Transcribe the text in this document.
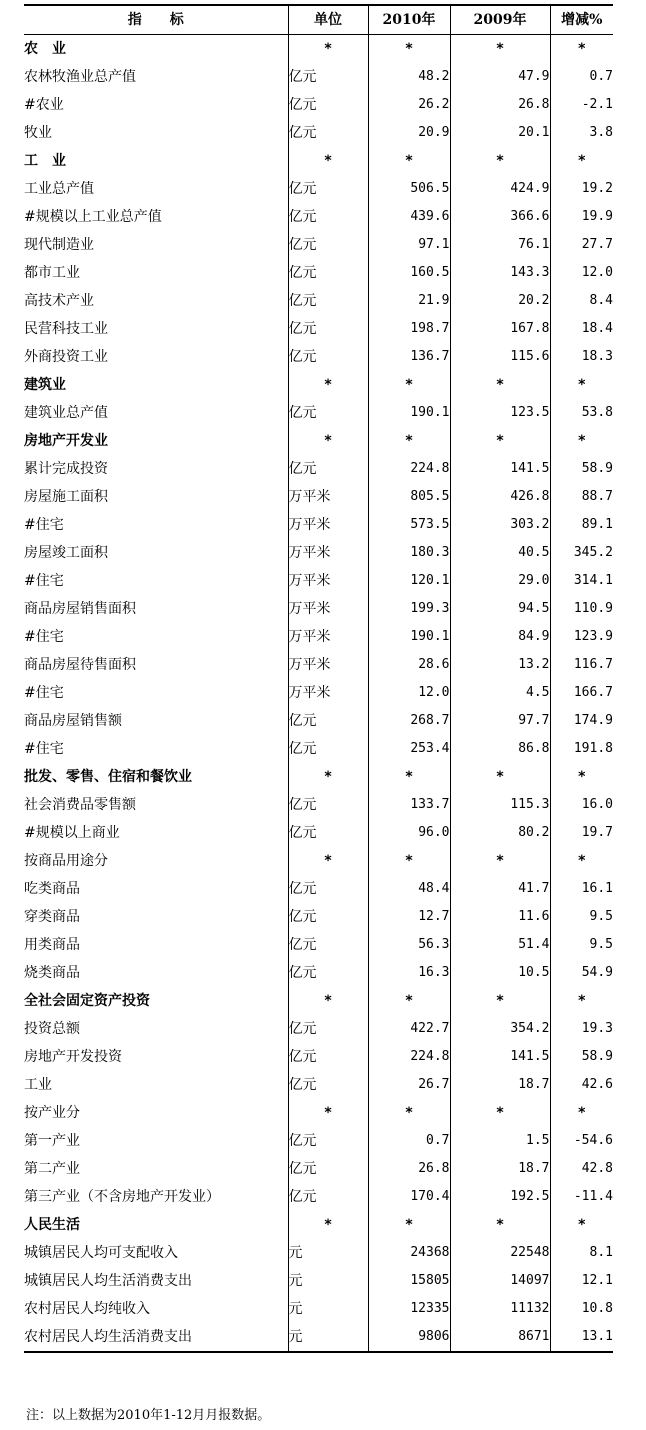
指　　标	单位	2010年	2009年	增减%
农　业	*	*	*	*
农林牧渔业总产值	亿元	48.2	47.9	0.7
#农业	亿元	26.2	26.8	-2.1
牧业	亿元	20.9	20.1	3.8
工　业	*	*	*	*
工业总产值	亿元	506.5	424.9	19.2
#规模以上工业总产值	亿元	439.6	366.6	19.9
现代制造业	亿元	97.1	76.1	27.7
都市工业	亿元	160.5	143.3	12.0
高技术产业	亿元	21.9	20.2	8.4
民营科技工业	亿元	198.7	167.8	18.4
外商投资工业	亿元	136.7	115.6	18.3
建筑业	*	*	*	*
建筑业总产值	亿元	190.1	123.5	53.8
房地产开发业	*	*	*	*
累计完成投资	亿元	224.8	141.5	58.9
房屋施工面积	万平米	805.5	426.8	88.7
#住宅	万平米	573.5	303.2	89.1
房屋竣工面积	万平米	180.3	40.5	345.2
#住宅	万平米	120.1	29.0	314.1
商品房屋销售面积	万平米	199.3	94.5	110.9
#住宅	万平米	190.1	84.9	123.9
商品房屋待售面积	万平米	28.6	13.2	116.7
#住宅	万平米	12.0	4.5	166.7
商品房屋销售额	亿元	268.7	97.7	174.9
#住宅	亿元	253.4	86.8	191.8
批发、零售、住宿和餐饮业	*	*	*	*
社会消费品零售额	亿元	133.7	115.3	16.0
#规模以上商业	亿元	96.0	80.2	19.7
按商品用途分	*	*	*	*
吃类商品	亿元	48.4	41.7	16.1
穿类商品	亿元	12.7	11.6	9.5
用类商品	亿元	56.3	51.4	9.5
烧类商品	亿元	16.3	10.5	54.9
全社会固定资产投资	*	*	*	*
投资总额	亿元	422.7	354.2	19.3
房地产开发投资	亿元	224.8	141.5	58.9
工业	亿元	26.7	18.7	42.6
按产业分	*	*	*	*
第一产业	亿元	0.7	1.5	-54.6
第二产业	亿元	26.8	18.7	42.8
第三产业（不含房地产开发业）	亿元	170.4	192.5	-11.4
人民生活	*	*	*	*
城镇居民人均可支配收入	元	24368	22548	8.1
城镇居民人均生活消费支出	元	15805	14097	12.1
农村居民人均纯收入	元	12335	11132	10.8
农村居民人均生活消费支出	元	9806	8671	13.1
注：以上数据为2010年1-12月月报数据。
